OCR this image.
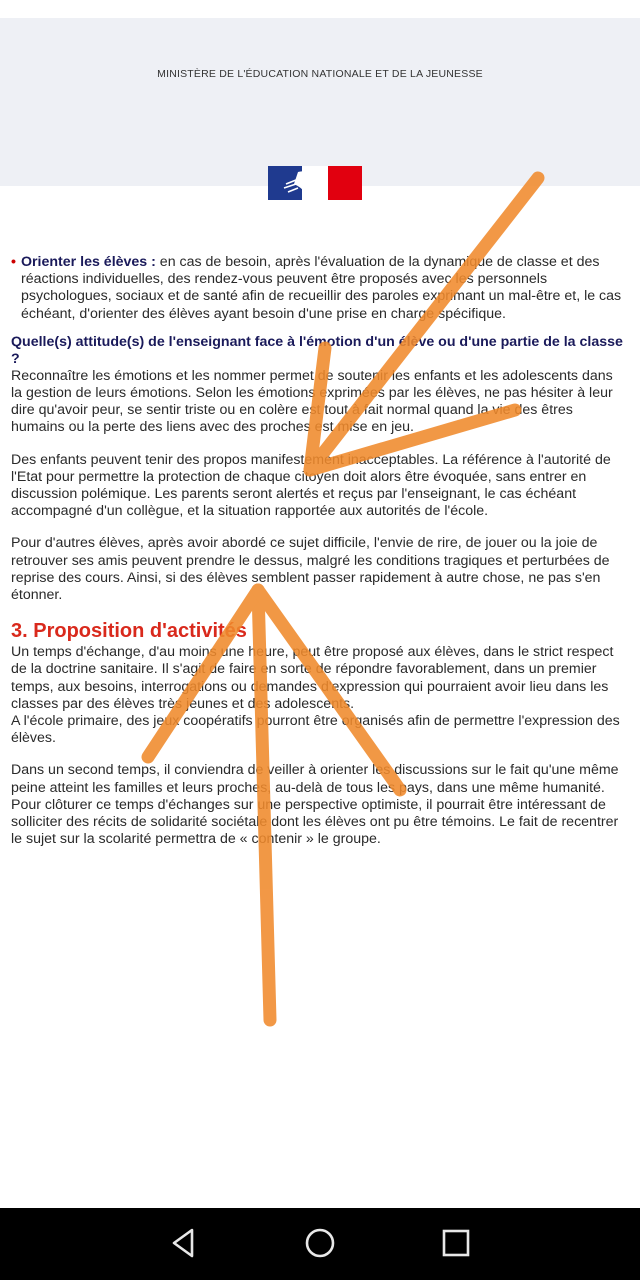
MINISTÈRE DE L'ÉDUCATION NATIONALE ET DE LA JEUNESSE

• Orienter les élèves : en cas de besoin, après l'évaluation de la dynamique de classe et des réactions individuelles, des rendez-vous peuvent être proposés avec les personnels psychologues, sociaux et de santé afin de recueillir des paroles exprimant un mal-être et, le cas échéant, d'orienter des élèves ayant besoin d'une prise en charge spécifique.

Quelle(s) attitude(s) de l'enseignant face à l'émotion d'un élève ou d'une partie de la classe ?

Reconnaître les émotions et les nommer permet de soutenir les enfants et les adolescents dans la gestion de leurs émotions. Selon les émotions exprimées par les élèves, ne pas hésiter à leur dire qu'avoir peur, se sentir triste ou en colère est tout à fait normal quand la vie des êtres humains ou la perte des liens avec des proches est mise en jeu.

Des enfants peuvent tenir des propos manifestement inacceptables. La référence à l'autorité de l'Etat pour permettre la protection de chaque citoyen doit alors être évoquée, sans entrer en discussion polémique. Les parents seront alertés et reçus par l'enseignant, le cas échéant accompagné d'un collègue, et la situation rapportée aux autorités de l'école.

Pour d'autres élèves, après avoir abordé ce sujet difficile, l'envie de rire, de jouer ou la joie de retrouver ses amis peuvent prendre le dessus, malgré les conditions tragiques et perturbées de reprise des cours. Ainsi, si des élèves semblent passer rapidement à autre chose, ne pas s'en étonner.

3. Proposition d'activités

Un temps d'échange, d'au moins une heure, peut être proposé aux élèves, dans le strict respect de la doctrine sanitaire. Il s'agit de faire en sorte de répondre favorablement, dans un premier temps, aux besoins, interrogations ou demandes d'expression qui pourraient avoir lieu dans les classes par des élèves très jeunes et des adolescents.

A l'école primaire, des jeux coopératifs pourront être organisés afin de permettre l'expression des élèves.

Dans un second temps, il conviendra de veiller à orienter les discussions sur le fait qu'une même peine atteint les familles et leurs proches, au-delà de tous les pays, dans une même humanité. Pour clôturer ce temps d'échanges sur une perspective optimiste, il pourrait être intéressant de solliciter des récits de solidarité sociétale dont les élèves ont pu être témoins. Le fait de recentrer le sujet sur la scolarité permettra de « contenir » le groupe.
